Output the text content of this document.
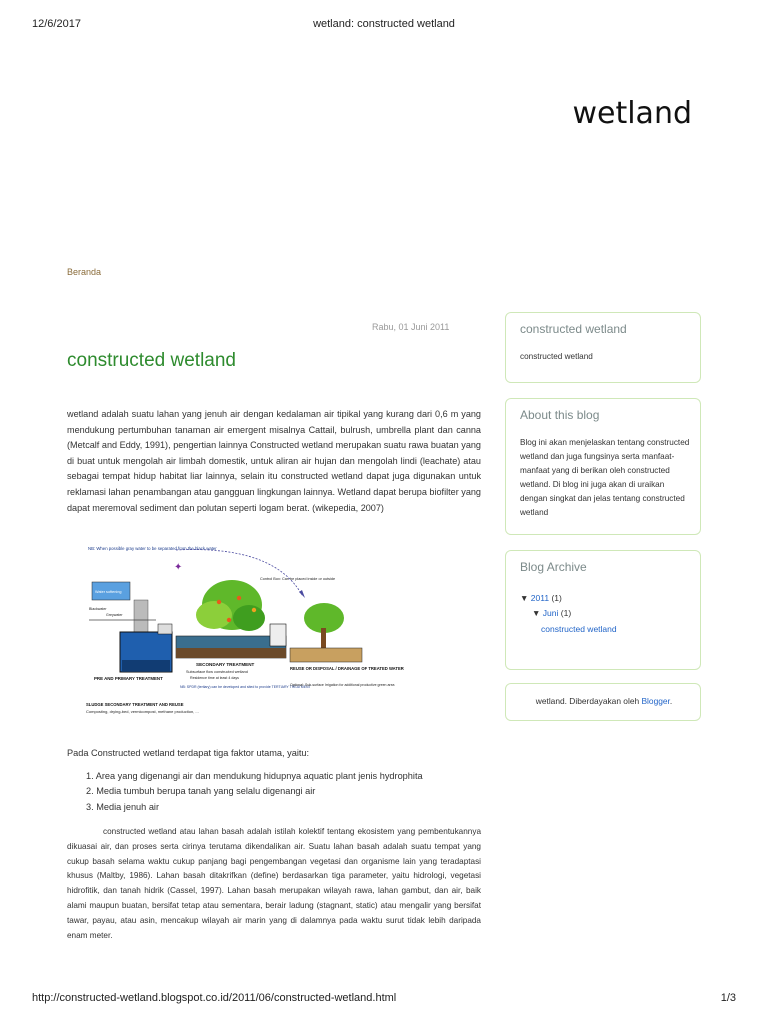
12/6/2017	wetland: constructed wetland
wetland
Beranda
Rabu, 01 Juni 2011
constructed wetland
wetland adalah suatu lahan yang jenuh air dengan kedalaman air tipikal yang kurang dari 0,6 m yang mendukung pertumbuhan tanaman air emergent misalnya Cattail, bulrush, umbrella plant dan canna (Metcalf and Eddy, 1991), pengertian lainnya Constructed wetland merupakan suatu rawa buatan yang di buat untuk mengolah air limbah domestik, untuk aliran air hujan dan mengolah lindi (leachate) atau sebagai tempat hidup habitat liar lainnya, selain itu constructed wetland dapat juga digunakan untuk reklamasi lahan penambangan atau gangguan lingkungan lainnya. Wetland dapat berupa biofilter yang dapat meremoval sediment dan polutan seperti logam berat. (wikepedia, 2007)
NB: When possible gray water to be separated from the black water
Water softening
Blackwater
Greywater
✦
Control Box: Can be placed inside or outside
SECONDARY TREATMENT
Subsurface flow constructed wetland
Residence time at least 4 days
PRE AND PRIMARY TREATMENT
NB: SPDR (tertiary) can be developed and sited to provide TERTIARY TREATMENT
REUSE OR DISPOSAL / DRAINAGE OF TREATED WATER
Optional: Sub-surface Irrigation for additional productive green area
SLUDGE SECONDARY TREATMENT AND REUSE
Composting, drying-bed, vermicompost, methane production, ...
Pada Constructed wetland terdapat tiga faktor utama, yaitu:
1. Area yang digenangi air dan mendukung hidupnya aquatic plant jenis hydrophita
2. Media tumbuh berupa tanah yang selalu digenangi air
3. Media jenuh air
constructed wetland atau lahan basah adalah istilah kolektif tentang ekosistem yang pembentukannya dikuasai air, dan proses serta cirinya terutama dikendalikan air. Suatu lahan basah adalah suatu tempat yang cukup basah selama waktu cukup panjang bagi pengembangan vegetasi dan organisme lain yang teradaptasi khusus (Maltby, 1986). Lahan basah ditakrifkan (define) berdasarkan tiga parameter, yaitu hidrologi, vegetasi hidrofitik, dan tanah hidrik (Cassel, 1997). Lahan basah merupakan wilayah rawa, lahan gambut, dan air, baik alami maupun buatan, bersifat tetap atau sementara, berair ladung (stagnant, static) atau mengalir yang bersifat tawar, payau, atau asin, mencakup wilayah air marin yang di dalamnya pada waktu surut tidak lebih daripada enam meter.
constructed wetland
constructed wetland
About this blog
Blog ini akan menjelaskan tentang constructed wetland dan juga fungsinya serta manfaat-manfaat yang di berikan oleh constructed wetland. Di blog ini juga akan di uraikan dengan singkat dan jelas tentang constructed wetland
Blog Archive
▼ 2011 (1)
▼ Juni (1)
constructed wetland
wetland. Diberdayakan oleh Blogger.
http://constructed-wetland.blogspot.co.id/2011/06/constructed-wetland.html	1/3
